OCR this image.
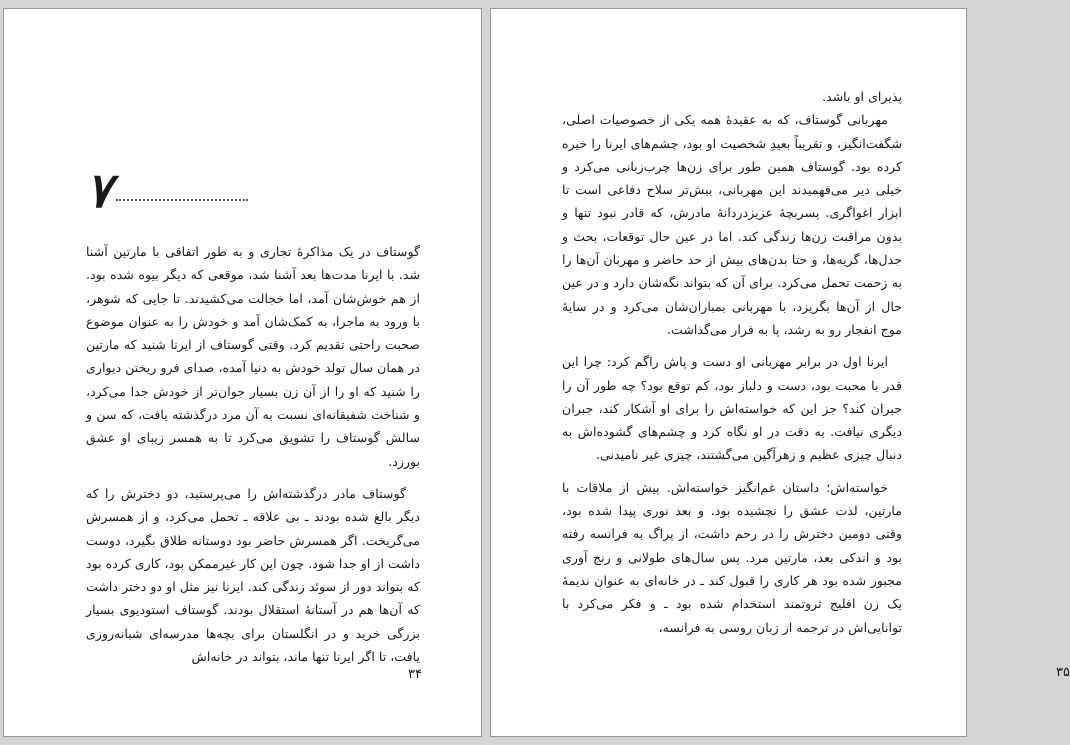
۷

گوستاف در یک مذاکرهٔ تجاری و به طور اتفاقی با مارتین آشنا شد. با ایرنا مدت‌ها بعد آشنا شد، موقعی که دیگر بیوه شده بود. از هم خوش‌شان آمد، اما خجالت می‌کشیدند. تا جایی که شوهر، با ورود به ماجرا، به کمک‌شان آمد و خودش را به عنوان موضوع صحبت راحتی تقدیم کرد. وقتی گوستاف از ایرنا شنید که مارتین در همان سال تولد خودش به دنیا آمده، صدای فرو ریختن دیواری را شنید که او را از آن زن بسیار جوان‌تر از خودش جدا می‌کرد، و شناخت شفیقانه‌ای نسبت به آن مرد درگذشته یافت، که سن و سالش گوستاف را تشویق می‌کرد تا به همسر زیبای او عشق بورزد.

گوستاف مادر درگذشته‌اش را می‌پرستید، دو دخترش را که دیگر بالغ شده بودند ـ بی علاقه ـ تحمل می‌کرد، و از همسرش می‌گریخت. اگر همسرش حاضر بود دوستانه طلاق بگیرد، دوست داشت از او جدا شود. چون این کار غیرممکن بود، کاری کرده بود که بتواند دور از سوئد زندگی کند. ایرنا نیز مثل او دو دختر داشت که آن‌ها هم در آستانهٔ استقلال بودند. گوستاف استودیوی بسیار بزرگی خرید و در انگلستان برای بچه‌ها مدرسه‌ای شبانه‌روزی یافت، تا اگر ایرنا تنها ماند، بتواند در خانه‌اش

۳۴

پذیرای او باشد.

مهربانی گوستاف، که به عقیدهٔ همه یکی از خصوصیات اصلی، شگفت‌انگیز، و تقریباً بعیدِ شخصیت او بود، چشم‌های ایرنا را خیره کرده بود. گوستاف همین طور برای زن‌ها چرب‌زبانی می‌کرد و خیلی دیر می‌فهمیدند این مهربانی، بیش‌تر سلاح دفاعی است تا ابزار اغواگری. پسربچهٔ عزیزدردانهٔ مادرش، که قادر نبود تنها و بدون مراقبت زن‌ها زندگی کند. اما در عین حال توقعات، بحث و جدل‌ها، گریه‌ها، و حتا بدن‌های بیش از حد حاضر و مهربان آن‌ها را به زحمت تحمل می‌کرد. برای آن که بتواند نگه‌شان دارد و در عین حال از آن‌ها بگریزد، با مهربانی بمباران‌شان می‌کرد و در سایهٔ موج انفجار رو به رشد، پا به فرار می‌گذاشت.

ایرنا اول در برابر مهربانی او دست و پاش راگم کرد: چرا این قدر با محبت بود، دست و دلباز بود، کم توقع بود؟ چه طور آن را جبران کند؟ جز این که خواسته‌اش را برای او آشکار کند، جبران دیگری نیافت. به دقت در او نگاه کرد و چشم‌های گشوده‌اش به دنبال چیزی عظیم و زهرآگین می‌گشتند، چیزی غیر نامیدنی.

خواسته‌اش؛ داستان غم‌انگیز خواسته‌اش. پیش از ملاقات با مارتین، لذت عشق را نچشیده بود. و بعد نوری پیدا شده بود، وقتی دومین دخترش را در رحم داشت، از پراگ به فرانسه رفته بود و اندکی بعد، مارتین مرد. پس سال‌های طولانی و رنج آوری مجبور شده بود هر کاری را قبول کند ـ در خانه‌ای به عنوان ندیمهٔ یک زن افلیج ثروتمند استخدام شده بود ـ و فکر می‌کرد با توانایی‌اش در ترجمه از زبان روسی به فرانسه،

۳۵
